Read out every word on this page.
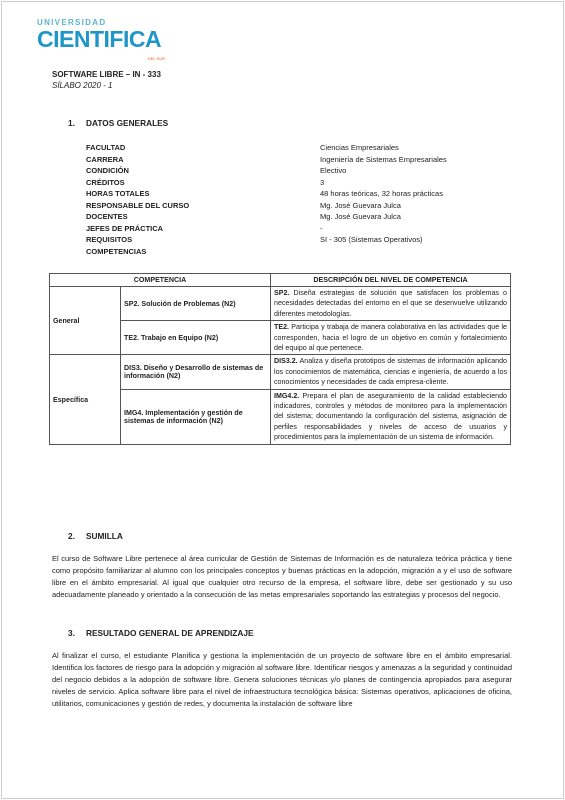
UNIVERSIDAD
CIENTIFICA
DEL SUR
SOFTWARE LIBRE – IN - 333
SÍLABO 2020 - 1
1. DATOS GENERALES
FACULTAD	Ciencias Empresariales
CARRERA	Ingeniería de Sistemas Empresariales
CONDICIÓN	Electivo
CRÉDITOS	3
HORAS TOTALES	48 horas teóricas, 32 horas prácticas
RESPONSABLE DEL CURSO	Mg. José Guevara Julca
DOCENTES	Mg. José Guevara Julca
JEFES DE PRÁCTICA	-
REQUISITOS	SI - 305 (Sistemas Operativos)
COMPETENCIAS
COMPETENCIA		DESCRIPCIÓN DEL NIVEL DE COMPETENCIA
General	SP2. Solución de Problemas (N2)	SP2. Diseña estrategias de solución que satisfacen los problemas o necesidades detectadas del entorno en el que se desenvuelve utilizando diferentes metodologías.
	TE2. Trabajo en Equipo (N2)	TE2. Participa y trabaja de manera colaborativa en las actividades que le corresponden, hacia el logro de un objetivo en común y fortalecimiento del equipo al que pertenece.
Específica	DIS3. Diseño y Desarrollo de sistemas de información (N2)	DIS3.2. Analiza y diseña prototipos de sistemas de información aplicando los conocimientos de matemática, ciencias e ingeniería, de acuerdo a los conocimientos y necesidades de cada empresa-cliente.
	IMG4. Implementación y gestión de sistemas de información (N2)	IMG4.2. Prepara el plan de aseguramiento de la calidad estableciendo indicadores, controles y métodos de monitoreo para la implementación del sistema; documentando la configuración del sistema, asignación de perfiles responsabilidades y niveles de acceso de usuarios y procedimientos para la implementación de un sistema de información.
2. SUMILLA
El curso de Software Libre pertenece al área curricular de Gestión de Sistemas de Información es de naturaleza teórica práctica y tiene como propósito familiarizar al alumno con los principales conceptos y buenas prácticas en la adopción, migración a y el uso de software libre en el ámbito empresarial. Al igual que cualquier otro recurso de la empresa, el software libre, debe ser gestionado y su uso adecuadamente planeado y orientado a la consecución de las metas empresariales soportando las estrategias y procesos del negocio.
3. RESULTADO GENERAL DE APRENDIZAJE
Al finalizar el curso, el estudiante Planifica y gestiona la implementación de un proyecto de software libre en el ámbito empresarial. Identifica los factores de riesgo para la adopción y migración al software libre. Identificar riesgos y amenazas a la seguridad y continuidad del negocio debidos a la adopción de software libre. Genera soluciones técnicas y/o planes de contingencia apropiados para asegurar niveles de servicio. Aplica software libre para el nivel de infraestructura tecnológica básica: Sistemas operativos, aplicaciones de oficina, utilitarios, comunicaciones y gestión de redes, y documenta la instalación de software libre
